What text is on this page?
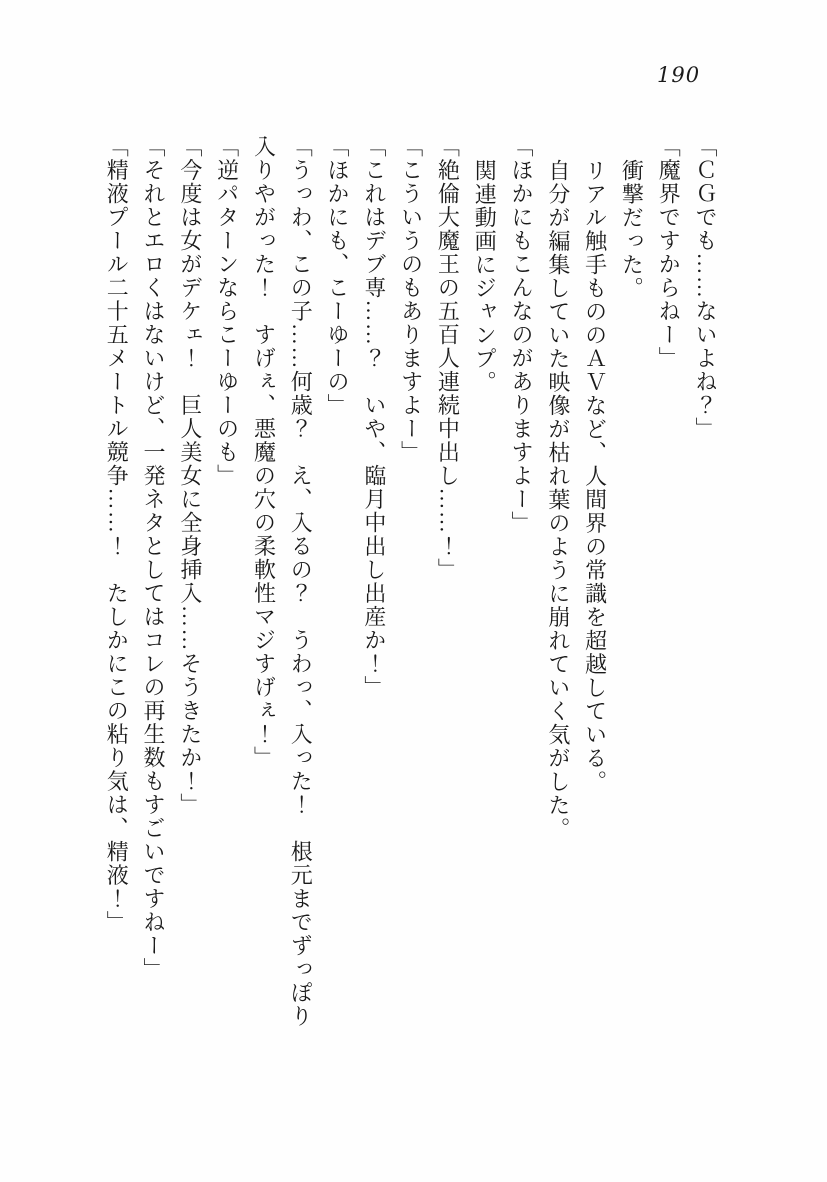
190

「ＣＧでも……ないよね？」

「魔界ですからねー」

衝撃だった。

リアル触手もののＡＶなど、人間界の常識を超越している。

自分が編集していた映像が枯れ葉のように崩れていく気がした。

「ほかにもこんなのがありますよー」

関連動画にジャンプ。

「絶倫大魔王の五百人連続中出し……！」

「こういうのもありますよー」

「これはデブ専……？　いや、臨月中出し出産か！」

「ほかにも、こーゆーの」

「うっわ、この子……何歳？　え、入るの？　うわっ、入った！　根元までずっぽり入りやがった！　すげぇ、悪魔の穴の柔軟性マジすげぇ！」

「逆パターンならこーゆーのも」

「今度は女がデケェ！　巨人美女に全身挿入……そうきたか！」

「それとエロくはないけど、一発ネタとしてはコレの再生数もすごいですねー」

「精液プール二十五メートル競争……！　たしかにこの粘り気は、精液！」
